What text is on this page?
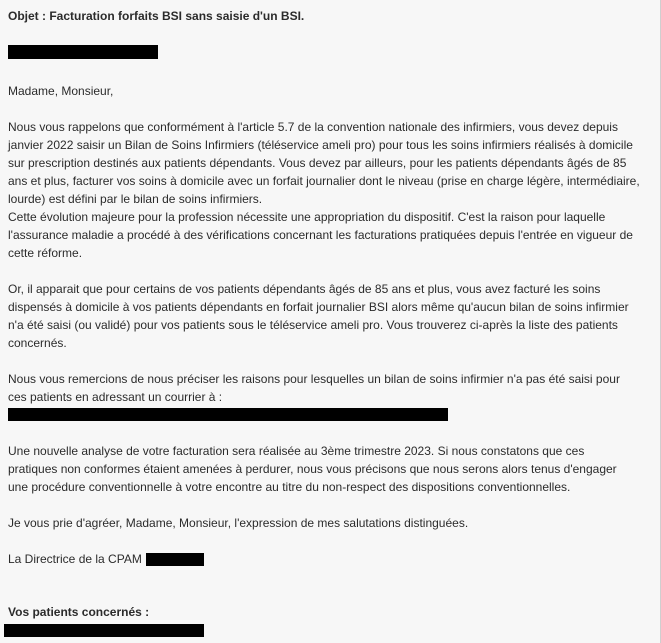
Objet : Facturation forfaits BSI sans saisie d'un BSI.
Madame, Monsieur,
Nous vous rappelons que conformément à l'article 5.7 de la convention nationale des infirmiers, vous devez depuis
janvier 2022 saisir un Bilan de Soins Infirmiers (téléservice ameli pro) pour tous les soins infirmiers réalisés à domicile
sur prescription destinés aux patients dépendants. Vous devez par ailleurs, pour les patients dépendants âgés de 85
ans et plus, facturer vos soins à domicile avec un forfait journalier dont le niveau (prise en charge légère, intermédiaire,
lourde) est défini par le bilan de soins infirmiers.
Cette évolution majeure pour la profession nécessite une appropriation du dispositif. C'est la raison pour laquelle
l'assurance maladie a procédé à des vérifications concernant les facturations pratiquées depuis l'entrée en vigueur de
cette réforme.
Or, il apparait que pour certains de vos patients dépendants âgés de 85 ans et plus, vous avez facturé les soins
dispensés à domicile à vos patients dépendants en forfait journalier BSI alors même qu'aucun bilan de soins infirmier
n'a été saisi (ou validé) pour vos patients sous le téléservice ameli pro. Vous trouverez ci-après la liste des patients
concernés.
Nous vous remercions de nous préciser les raisons pour lesquelles un bilan de soins infirmier n'a pas été saisi pour
ces patients en adressant un courrier à :
Une nouvelle analyse de votre facturation sera réalisée au 3ème trimestre 2023. Si nous constatons que ces
pratiques non conformes étaient amenées à perdurer, nous vous précisons que nous serons alors tenus d'engager
une procédure conventionnelle à votre encontre au titre du non-respect des dispositions conventionnelles.
Je vous prie d'agréer, Madame, Monsieur, l'expression de mes salutations distinguées.
La Directrice de la CPAM
Vos patients concernés :
